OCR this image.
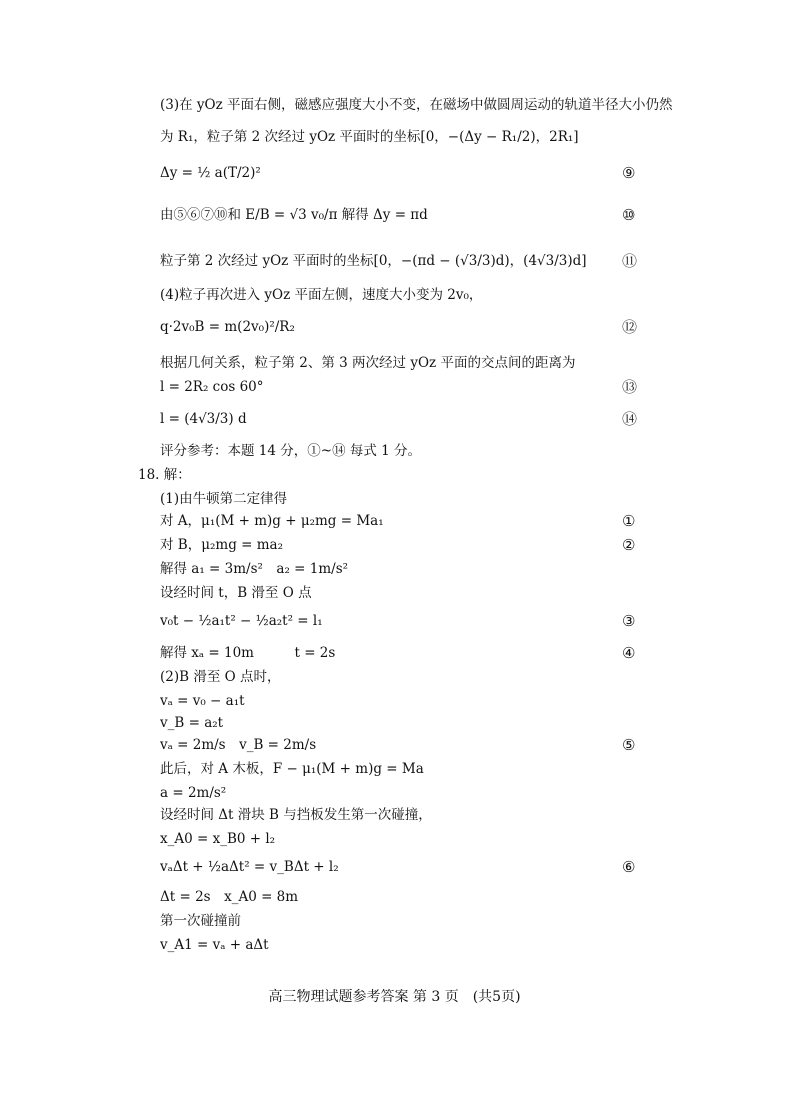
(3)在 yOz 平面右侧，磁感应强度大小不变，在磁场中做圆周运动的轨道半径大小仍然
为 R₁，粒子第 2 次经过 yOz 平面时的坐标[0，−(Δy − R₁/2)，2R₁]
Δy = ½ a(T/2)²	⑨
由⑤⑥⑦⑩和 E/B = √3 v₀/π 解得 Δy = πd	⑩
粒子第 2 次经过 yOz 平面时的坐标[0，−(πd − (√3/3)d)，(4√3/3)d] ⑪
(4)粒子再次进入 yOz 平面左侧，速度大小变为 2v₀，
q·2v₀B = m(2v₀)²/R₂	⑫
根据几何关系，粒子第 2、第 3 两次经过 yOz 平面的交点间的距离为
l = 2R₂ cos 60°	⑬
l = (4√3/3) d	⑭
评分参考：本题 14 分，①~⑭ 每式 1 分。
18. 解：
(1)由牛顿第二定律得
对 A，μ₁(M + m)g + μ₂mg = Ma₁	①
对 B，μ₂mg = ma₂	②
解得 a₁ = 3m/s²　a₂ = 1m/s²
设经时间 t，B 滑至 O 点
v₀t − ½a₁t² − ½a₂t² = l₁	③
解得 xₐ = 10m　　　t = 2s	④
(2)B 滑至 O 点时，
vₐ = v₀ − a₁t
v_B = a₂t
vₐ = 2m/s　v_B = 2m/s	⑤
此后，对 A 木板，F − μ₁(M + m)g = Ma
a = 2m/s²
设经时间 Δt 滑块 B 与挡板发生第一次碰撞，
x_A0 = x_B0 + l₂
vₐΔt + ½aΔt² = v_BΔt + l₂	⑥
Δt = 2s　x_A0 = 8m
第一次碰撞前
v_A1 = vₐ + aΔt
高三物理试题参考答案 第 3 页　(共5页)
